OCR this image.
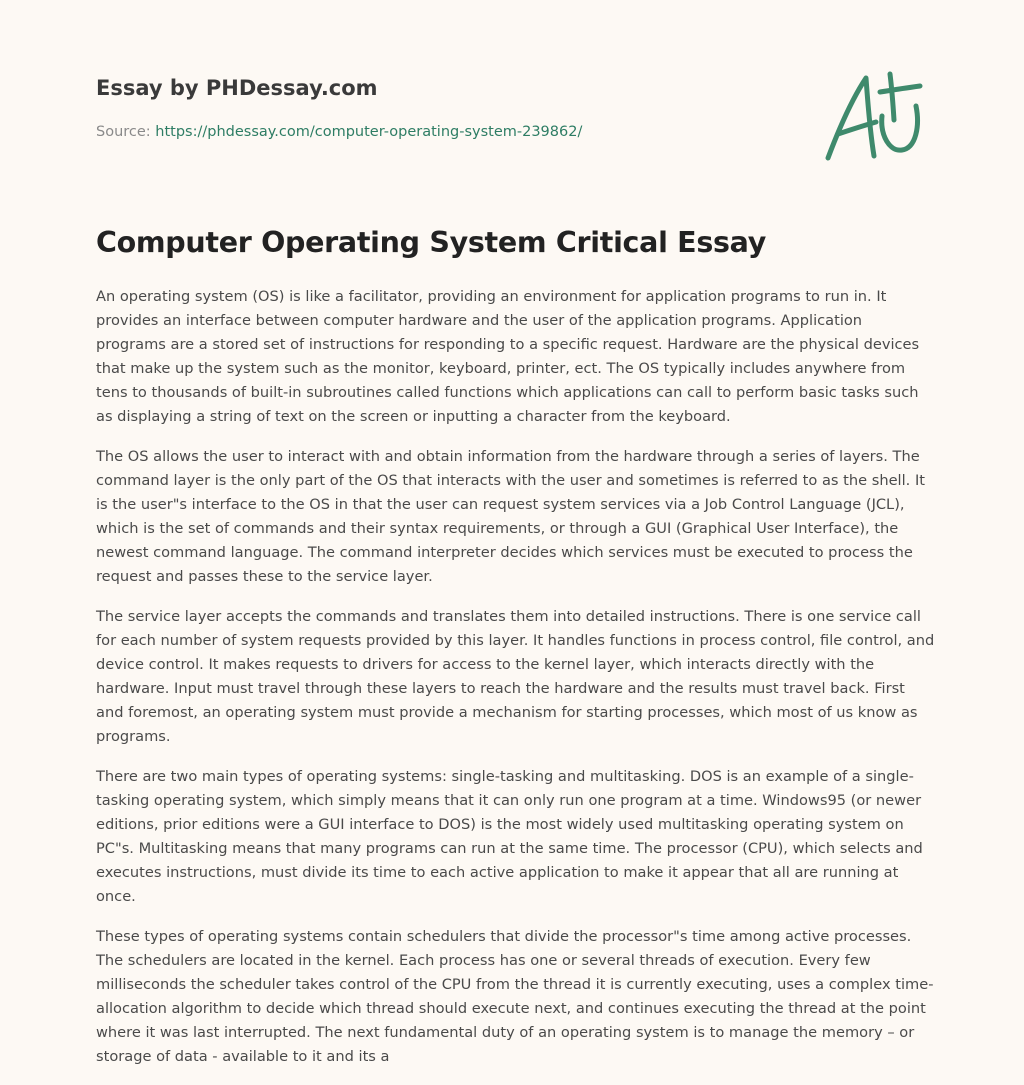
Essay by PHDessay.com
Source: https://phdessay.com/computer-operating-system-239862/
Computer Operating System Critical Essay

An operating system (OS) is like a facilitator, providing an environment for application programs to run in. It provides an interface between computer hardware and the user of the application programs. Application programs are a stored set of instructions for responding to a specific request. Hardware are the physical devices that make up the system such as the monitor, keyboard, printer, ect. The OS typically includes anywhere from tens to thousands of built-in subroutines called functions which applications can call to perform basic tasks such as displaying a string of text on the screen or inputting a character from the keyboard.

The OS allows the user to interact with and obtain information from the hardware through a series of layers. The command layer is the only part of the OS that interacts with the user and sometimes is referred to as the shell. It is the user"s interface to the OS in that the user can request system services via a Job Control Language (JCL), which is the set of commands and their syntax requirements, or through a GUI (Graphical User Interface), the newest command language. The command interpreter decides which services must be executed to process the request and passes these to the service layer.

The service layer accepts the commands and translates them into detailed instructions. There is one service call for each number of system requests provided by this layer. It handles functions in process control, file control, and device control. It makes requests to drivers for access to the kernel layer, which interacts directly with the hardware. Input must travel through these layers to reach the hardware and the results must travel back. First and foremost, an operating system must provide a mechanism for starting processes, which most of us know as programs.

There are two main types of operating systems: single-tasking and multitasking. DOS is an example of a single-tasking operating system, which simply means that it can only run one program at a time. Windows95 (or newer editions, prior editions were a GUI interface to DOS) is the most widely used multitasking operating system on PC"s. Multitasking means that many programs can run at the same time. The processor (CPU), which selects and executes instructions, must divide its time to each active application to make it appear that all are running at once.

These types of operating systems contain schedulers that divide the processor"s time among active processes. The schedulers are located in the kernel. Each process has one or several threads of execution. Every few milliseconds the scheduler takes control of the CPU from the thread it is currently executing, uses a complex time-allocation algorithm to decide which thread should execute next, and continues executing the thread at the point where it was last interrupted. The next fundamental duty of an operating system is to manage the memory – or storage of data - available to it and its a
